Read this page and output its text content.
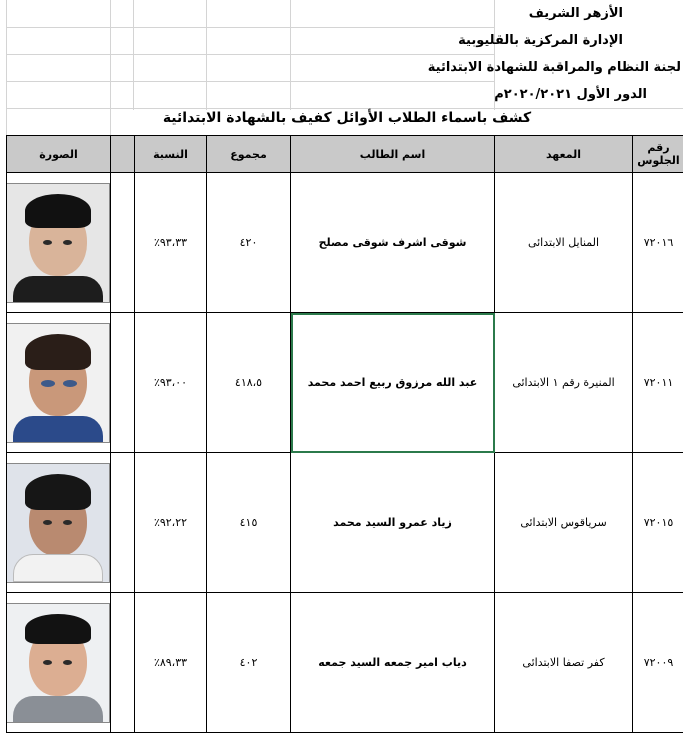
الأزهر الشريف
الإدارة المركزية بالقليوبية
لجنة النظام والمراقبة للشهادة الابتدائية
الدور الأول ٢٠٢٠/٢٠٢١م
كشف باسماء الطلاب الأوائل كفيف بالشهادة الابتدائية
رقم الجلوس	المعهد	اسم الطالب	مجموع	النسبة		الصورة
٧٢٠١٦	المنايل الابتدائى	شوقى اشرف شوقى مصلح	٤٢٠	٩٣،٣٣٪		

٧٢٠١١	المنيرة رقم ١ الابتدائى	عبد الله مرزوق ربيع احمد محمد	٤١٨،٥	٩٣،٠٠٪		

٧٢٠١٥	سرياقوس الابتدائى	زياد عمرو السيد محمد	٤١٥	٩٢،٢٢٪		

٧٢٠٠٩	كفر تصفا الابتدائى	دياب امير جمعه السيد جمعه	٤٠٢	٨٩،٣٣٪		
